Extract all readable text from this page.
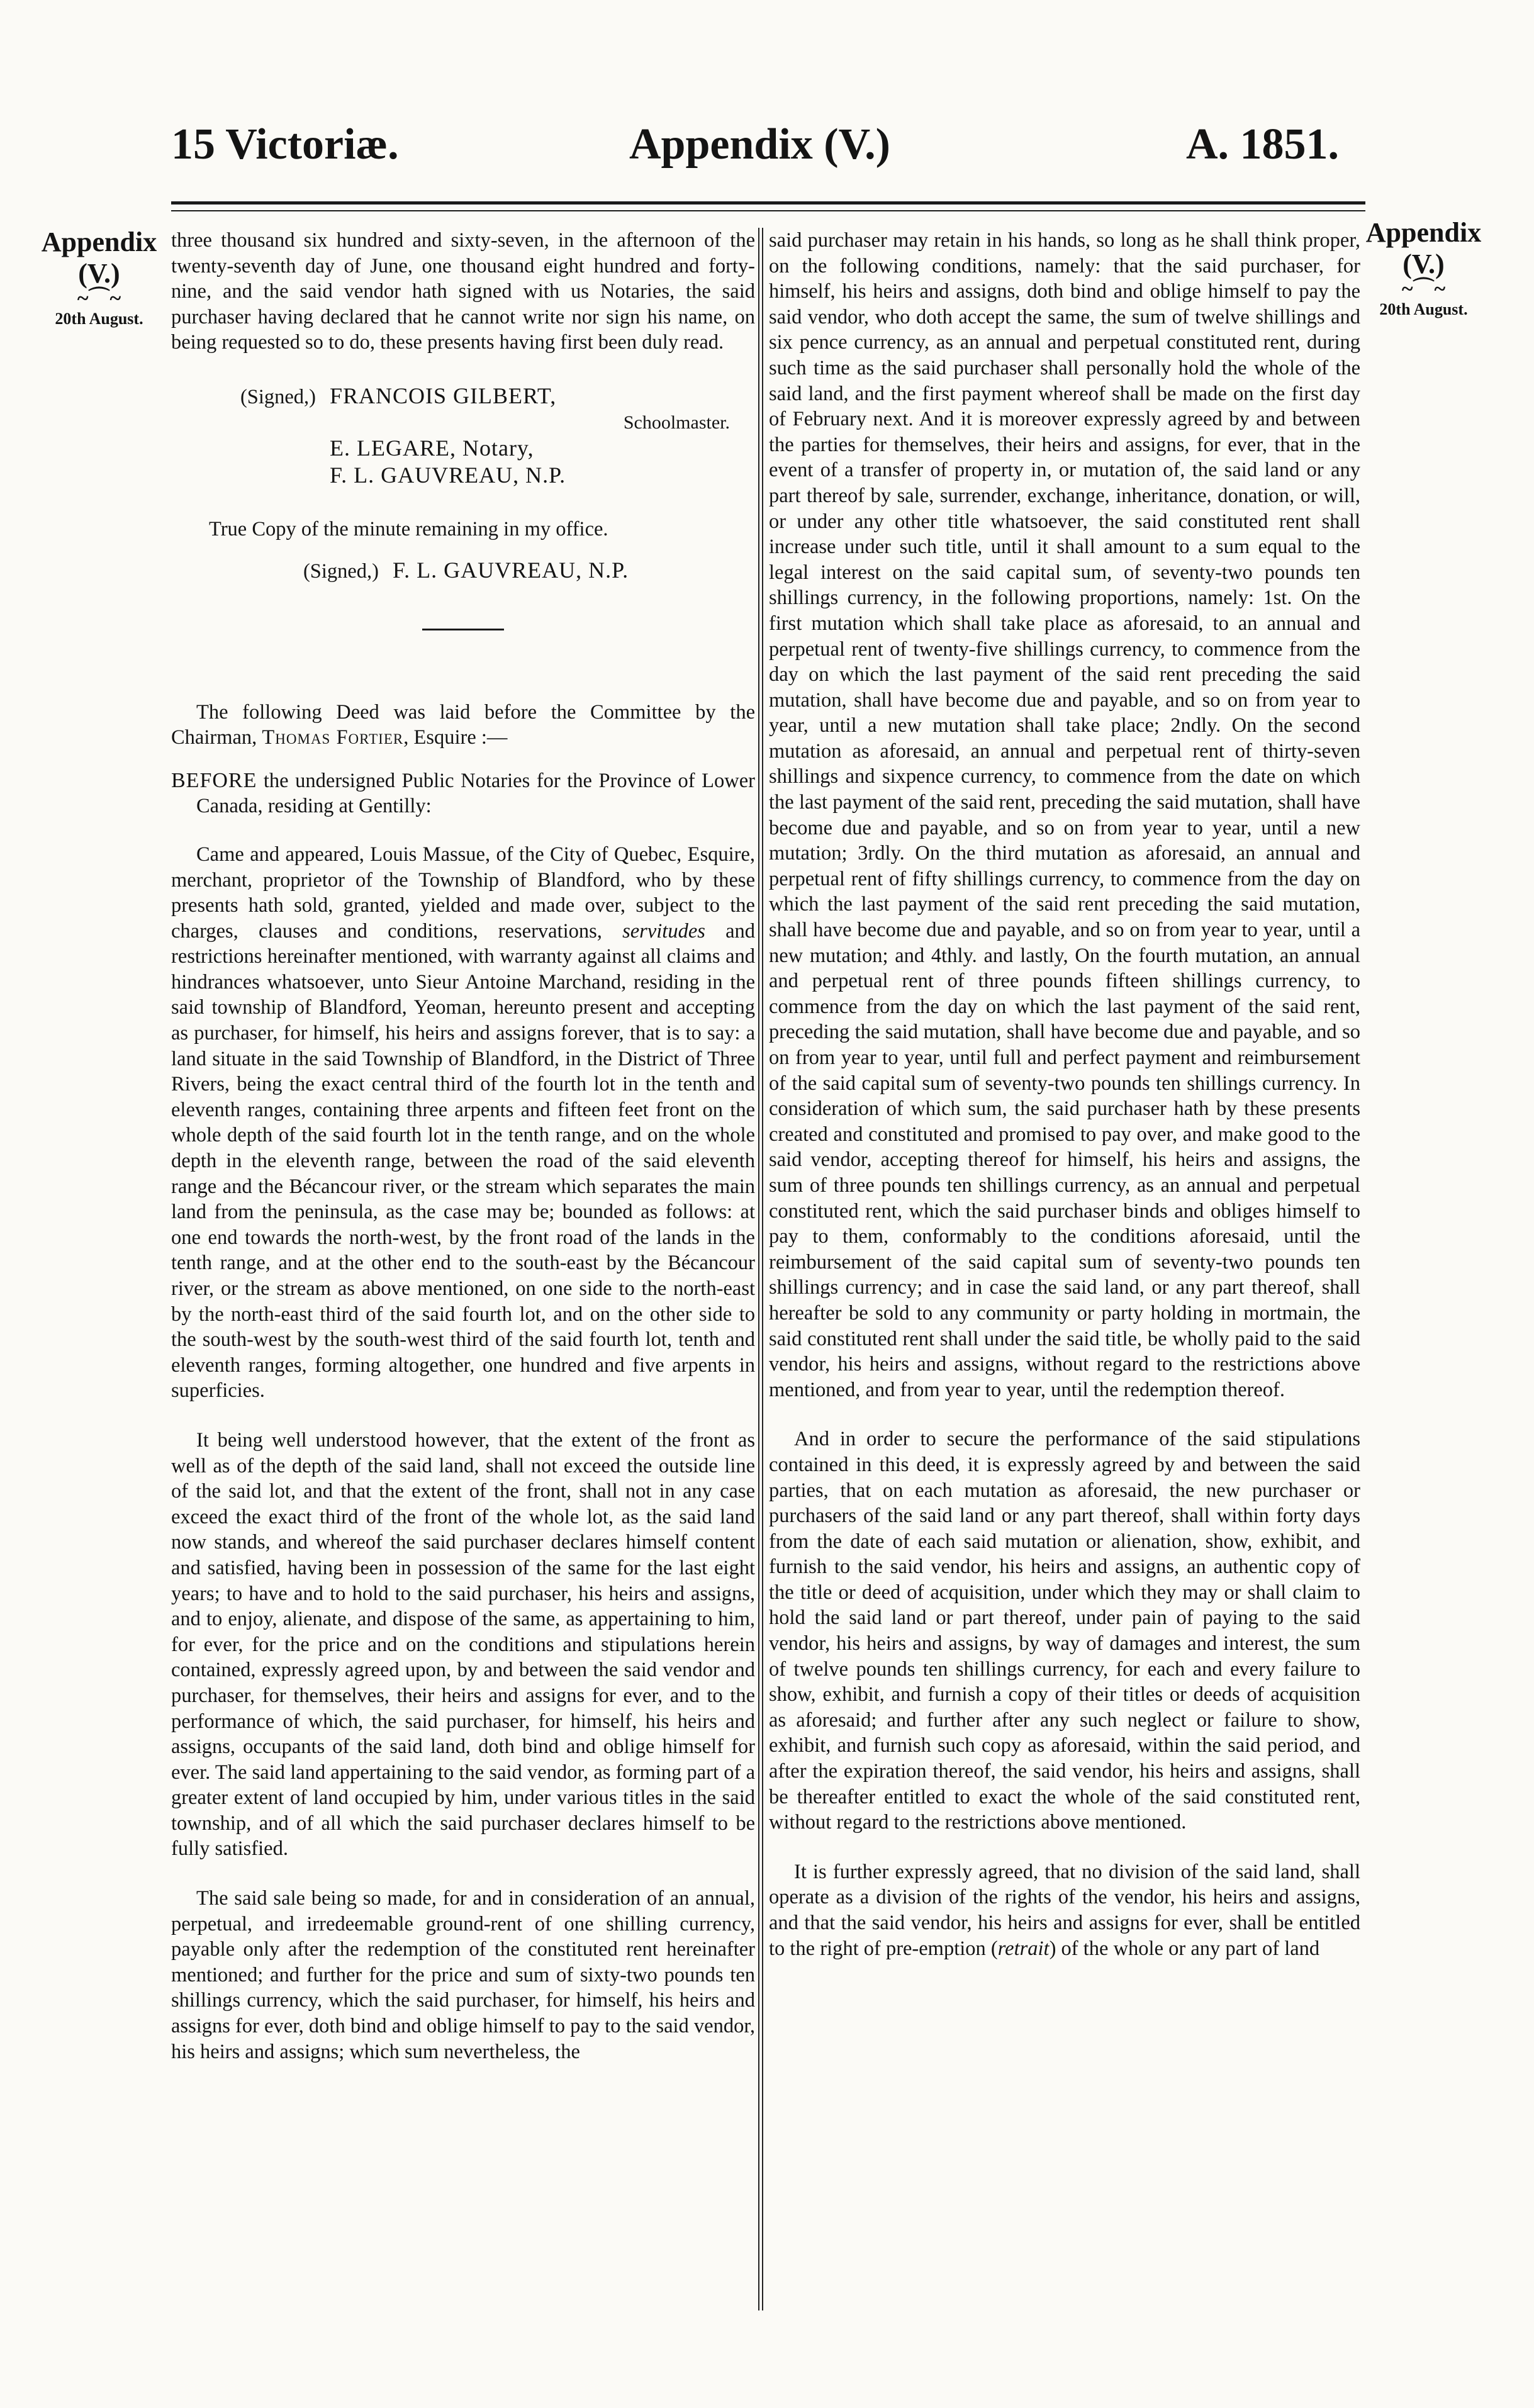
15 Victoriæ.	Appendix (V.)	A. 1851.
Appendix
(V.)
~⌒~
20th August.
Appendix
(V.)
~⌒~
20th August.

three thousand six hundred and sixty-seven, in the afternoon of the twenty-seventh day of June, one thousand eight hundred and forty-nine, and the said vendor hath signed with us Notaries, the said purchaser having declared that he cannot write nor sign his name, on being requested so to do, these presents having first been duly read.

(Signed,) FRANCOIS GILBERT,

Schoolmaster.

E. LEGARE, Notary,

F. L. GAUVREAU, N.P.

True Copy of the minute remaining in my office.

(Signed,) F. L. GAUVREAU, N.P.

The following Deed was laid before the Committee by the Chairman, Thomas Fortier, Esquire :—

BEFORE the undersigned Public Notaries for the Province of Lower Canada, residing at Gentilly:

Came and appeared, Louis Massue, of the City of Quebec, Esquire, merchant, proprietor of the Township of Blandford, who by these presents hath sold, granted, yielded and made over, subject to the charges, clauses and conditions, reservations, servitudes and restrictions hereinafter mentioned, with warranty against all claims and hindrances whatsoever, unto Sieur Antoine Marchand, residing in the said township of Blandford, Yeoman, hereunto present and accepting as purchaser, for himself, his heirs and assigns forever, that is to say: a land situate in the said Township of Blandford, in the District of Three Rivers, being the exact central third of the fourth lot in the tenth and eleventh ranges, containing three arpents and fifteen feet front on the whole depth of the said fourth lot in the tenth range, and on the whole depth in the eleventh range, between the road of the said eleventh range and the Bécancour river, or the stream which separates the main land from the peninsula, as the case may be; bounded as follows: at one end towards the north-west, by the front road of the lands in the tenth range, and at the other end to the south-east by the Bécancour river, or the stream as above mentioned, on one side to the north-east by the north-east third of the said fourth lot, and on the other side to the south-west by the south-west third of the said fourth lot, tenth and eleventh ranges, forming altogether, one hundred and five arpents in superficies.

It being well understood however, that the extent of the front as well as of the depth of the said land, shall not exceed the outside line of the said lot, and that the extent of the front, shall not in any case exceed the exact third of the front of the whole lot, as the said land now stands, and whereof the said purchaser declares himself content and satisfied, having been in possession of the same for the last eight years; to have and to hold to the said purchaser, his heirs and assigns, and to enjoy, alienate, and dispose of the same, as appertaining to him, for ever, for the price and on the conditions and stipulations herein contained, expressly agreed upon, by and between the said vendor and purchaser, for themselves, their heirs and assigns for ever, and to the performance of which, the said purchaser, for himself, his heirs and assigns, occupants of the said land, doth bind and oblige himself for ever. The said land appertaining to the said vendor, as forming part of a greater extent of land occupied by him, under various titles in the said township, and of all which the said purchaser declares himself to be fully satisfied.

The said sale being so made, for and in consideration of an annual, perpetual, and irredeemable ground-rent of one shilling currency, payable only after the redemption of the constituted rent hereinafter mentioned; and further for the price and sum of sixty-two pounds ten shillings currency, which the said purchaser, for himself, his heirs and assigns for ever, doth bind and oblige himself to pay to the said vendor, his heirs and assigns; which sum nevertheless, the

said purchaser may retain in his hands, so long as he shall think proper, on the following conditions, namely: that the said purchaser, for himself, his heirs and assigns, doth bind and oblige himself to pay the said vendor, who doth accept the same, the sum of twelve shillings and six pence currency, as an annual and perpetual constituted rent, during such time as the said purchaser shall personally hold the whole of the said land, and the first payment whereof shall be made on the first day of February next. And it is moreover expressly agreed by and between the parties for themselves, their heirs and assigns, for ever, that in the event of a transfer of property in, or mutation of, the said land or any part thereof by sale, surrender, exchange, inheritance, donation, or will, or under any other title whatsoever, the said constituted rent shall increase under such title, until it shall amount to a sum equal to the legal interest on the said capital sum, of seventy-two pounds ten shillings currency, in the following proportions, namely: 1st. On the first mutation which shall take place as aforesaid, to an annual and perpetual rent of twenty-five shillings currency, to commence from the day on which the last payment of the said rent preceding the said mutation, shall have become due and payable, and so on from year to year, until a new mutation shall take place; 2ndly. On the second mutation as aforesaid, an annual and perpetual rent of thirty-seven shillings and sixpence currency, to commence from the date on which the last payment of the said rent, preceding the said mutation, shall have become due and payable, and so on from year to year, until a new mutation; 3rdly. On the third mutation as aforesaid, an annual and perpetual rent of fifty shillings currency, to commence from the day on which the last payment of the said rent preceding the said mutation, shall have become due and payable, and so on from year to year, until a new mutation; and 4thly. and lastly, On the fourth mutation, an annual and perpetual rent of three pounds fifteen shillings currency, to commence from the day on which the last payment of the said rent, preceding the said mutation, shall have become due and payable, and so on from year to year, until full and perfect payment and reimbursement of the said capital sum of seventy-two pounds ten shillings currency. In consideration of which sum, the said purchaser hath by these presents created and constituted and promised to pay over, and make good to the said vendor, accepting thereof for himself, his heirs and assigns, the sum of three pounds ten shillings currency, as an annual and perpetual constituted rent, which the said purchaser binds and obliges himself to pay to them, conformably to the conditions aforesaid, until the reimbursement of the said capital sum of seventy-two pounds ten shillings currency; and in case the said land, or any part thereof, shall hereafter be sold to any community or party holding in mortmain, the said constituted rent shall under the said title, be wholly paid to the said vendor, his heirs and assigns, without regard to the restrictions above mentioned, and from year to year, until the redemption thereof.

And in order to secure the performance of the said stipulations contained in this deed, it is expressly agreed by and between the said parties, that on each mutation as aforesaid, the new purchaser or purchasers of the said land or any part thereof, shall within forty days from the date of each said mutation or alienation, show, exhibit, and furnish to the said vendor, his heirs and assigns, an authentic copy of the title or deed of acquisition, under which they may or shall claim to hold the said land or part thereof, under pain of paying to the said vendor, his heirs and assigns, by way of damages and interest, the sum of twelve pounds ten shillings currency, for each and every failure to show, exhibit, and furnish a copy of their titles or deeds of acquisition as aforesaid; and further after any such neglect or failure to show, exhibit, and furnish such copy as aforesaid, within the said period, and after the expiration thereof, the said vendor, his heirs and assigns, shall be thereafter entitled to exact the whole of the said constituted rent, without regard to the restrictions above mentioned.

It is further expressly agreed, that no division of the said land, shall operate as a division of the rights of the vendor, his heirs and assigns, and that the said vendor, his heirs and assigns for ever, shall be entitled to the right of pre-emption (retrait) of the whole or any part of land
